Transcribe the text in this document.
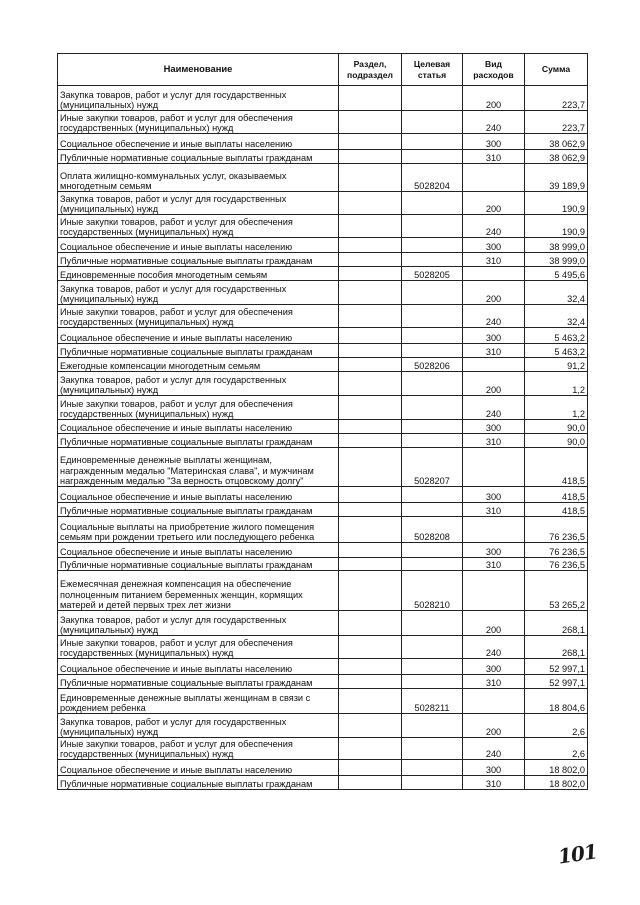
Наименование	Раздел, подраздел	Целевая статья	Вид расходов	Сумма
Закупка товаров, работ и услуг для государственных (муниципальных) нужд			200	223,7
Иные закупки товаров, работ и услуг для обеспечения государственных (муниципальных) нужд			240	223,7
Социальное обеспечение и иные выплаты населению			300	38 062,9
Публичные нормативные социальные выплаты гражданам			310	38 062,9
Оплата жилищно-коммунальных услуг, оказываемых многодетным семьям		5028204		39 189,9
Закупка товаров, работ и услуг для государственных (муниципальных) нужд			200	190,9
Иные закупки товаров, работ и услуг для обеспечения государственных (муниципальных) нужд			240	190,9
Социальное обеспечение и иные выплаты населению			300	38 999,0
Публичные нормативные социальные выплаты гражданам			310	38 999,0
Единовременные пособия многодетным семьям		5028205		5 495,6
Закупка товаров, работ и услуг для государственных (муниципальных) нужд			200	32,4
Иные закупки товаров, работ и услуг для обеспечения государственных (муниципальных) нужд			240	32,4
Социальное обеспечение и иные выплаты населению			300	5 463,2
Публичные нормативные социальные выплаты гражданам			310	5 463,2
Ежегодные компенсации многодетным семьям		5028206		91,2
Закупка товаров, работ и услуг для государственных (муниципальных) нужд			200	1,2
Иные закупки товаров, работ и услуг для обеспечения государственных (муниципальных) нужд			240	1,2
Социальное обеспечение и иные выплаты населению			300	90,0
Публичные нормативные социальные выплаты гражданам			310	90,0
Единовременные денежные выплаты женщинам, награжденным медалью "Материнская слава", и мужчинам награжденным медалью "За верность отцовскому долгу"		5028207		418,5
Социальное обеспечение и иные выплаты населению			300	418,5
Публичные нормативные социальные выплаты гражданам			310	418,5
Социальные выплаты на приобретение жилого помещения семьям при рождении третьего или последующего ребенка		5028208		76 236,5
Социальное обеспечение и иные выплаты населению			300	76 236,5
Публичные нормативные социальные выплаты гражданам			310	76 236,5
Ежемесячная денежная компенсация на обеспечение полноценным питанием беременных женщин, кормящих матерей и детей первых трех лет жизни		5028210		53 265,2
Закупка товаров, работ и услуг для государственных (муниципальных) нужд			200	268,1
Иные закупки товаров, работ и услуг для обеспечения государственных (муниципальных) нужд			240	268,1
Социальное обеспечение и иные выплаты населению			300	52 997,1
Публичные нормативные социальные выплаты гражданам			310	52 997,1
Единовременные денежные выплаты женщинам в связи с рождением ребенка		5028211		18 804,6
Закупка товаров, работ и услуг для государственных (муниципальных) нужд			200	2,6
Иные закупки товаров, работ и услуг для обеспечения государственных (муниципальных) нужд			240	2,6
Социальное обеспечение и иные выплаты населению			300	18 802,0
Публичные нормативные социальные выплаты гражданам			310	18 802,0
101
